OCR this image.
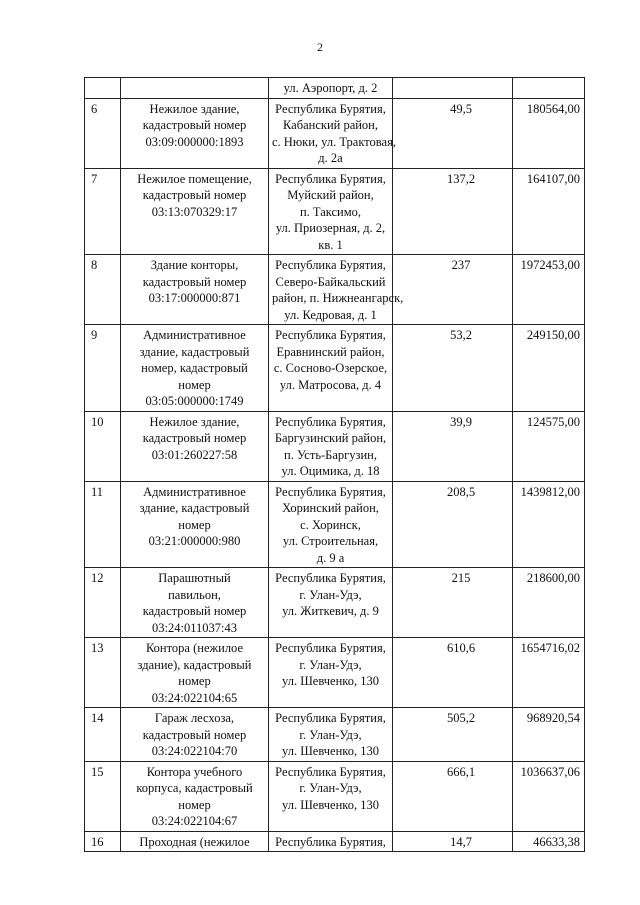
2

		ул. Аэропорт, д. 2		

6	Нежилое здание,
кадастровый номер
03:09:000000:1893	Республика Бурятия,
Кабанский район,
с. Нюки, ул. Трактовая,
д. 2а	49,5	180564,00
7	Нежилое помещение,
кадастровый номер
03:13:070329:17	Республика Бурятия,
Муйский район,
п. Таксимо,
ул. Приозерная, д. 2,
кв. 1	137,2	164107,00
8	Здание конторы,
кадастровый номер
03:17:000000:871	Республика Бурятия,
Северо-Байкальский
район, п. Нижнеангарск,
ул. Кедровая, д. 1	237	1972453,00
9	Административное
здание, кадастровый
номер, кадастровый
номер
03:05:000000:1749	Республика Бурятия,
Еравнинский район,
с. Сосново-Озерское,
ул. Матросова, д. 4	53,2	249150,00
10	Нежилое здание,
кадастровый номер
03:01:260227:58	Республика Бурятия,
Баргузинский район,
п. Усть-Баргузин,
ул. Оцимика, д. 18	39,9	124575,00
11	Административное
здание, кадастровый
номер
03:21:000000:980	Республика Бурятия,
Хоринский район,
с. Хоринск,
ул. Строительная,
д. 9 а	208,5	1439812,00
12	Парашютный
павильон,
кадастровый номер
03:24:011037:43	Республика Бурятия,
г. Улан-Удэ,
ул. Житкевич, д. 9	215	218600,00
13	Контора (нежилое
здание), кадастровый
номер
03:24:022104:65	Республика Бурятия,
г. Улан-Удэ,
ул. Шевченко, 130	610,6	1654716,02
14	Гараж лесхоза,
кадастровый номер
03:24:022104:70	Республика Бурятия,
г. Улан-Удэ,
ул. Шевченко, 130	505,2	968920,54
15	Контора учебного
корпуса, кадастровый
номер
03:24:022104:67	Республика Бурятия,
г. Улан-Удэ,
ул. Шевченко, 130	666,1	1036637,06
16	Проходная (нежилое	Республика Бурятия,	14,7	46633,38
